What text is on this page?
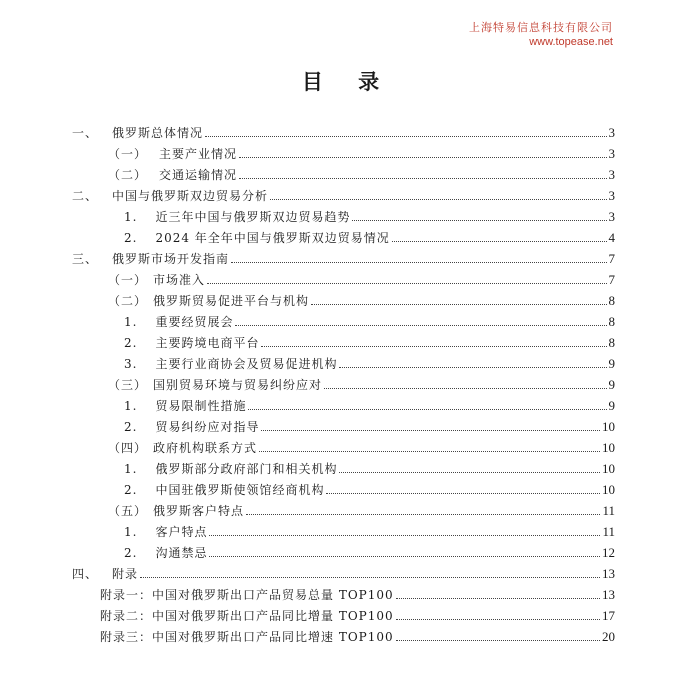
上海特易信息科技有限公司
www.topease.net
目 录
一、 俄罗斯总体情况	3
（一） 主要产业情况	3
（二） 交通运输情况	3
二、 中国与俄罗斯双边贸易分析	3
1. 近三年中国与俄罗斯双边贸易趋势	3
2. 2024 年全年中国与俄罗斯双边贸易情况	4
三、 俄罗斯市场开发指南	7
（一） 市场准入	7
（二） 俄罗斯贸易促进平台与机构	8
1. 重要经贸展会	8
2. 主要跨境电商平台	8
3. 主要行业商协会及贸易促进机构	9
（三） 国别贸易环境与贸易纠纷应对	9
1. 贸易限制性措施	9
2. 贸易纠纷应对指导	10
（四） 政府机构联系方式	10
1. 俄罗斯部分政府部门和相关机构	10
2. 中国驻俄罗斯使领馆经商机构	10
（五） 俄罗斯客户特点	11
1. 客户特点	11
2. 沟通禁忌	12
四、 附录	13
附录一：中国对俄罗斯出口产品贸易总量 TOP100	13
附录二：中国对俄罗斯出口产品同比增量 TOP100	17
附录三：中国对俄罗斯出口产品同比增速 TOP100	20
